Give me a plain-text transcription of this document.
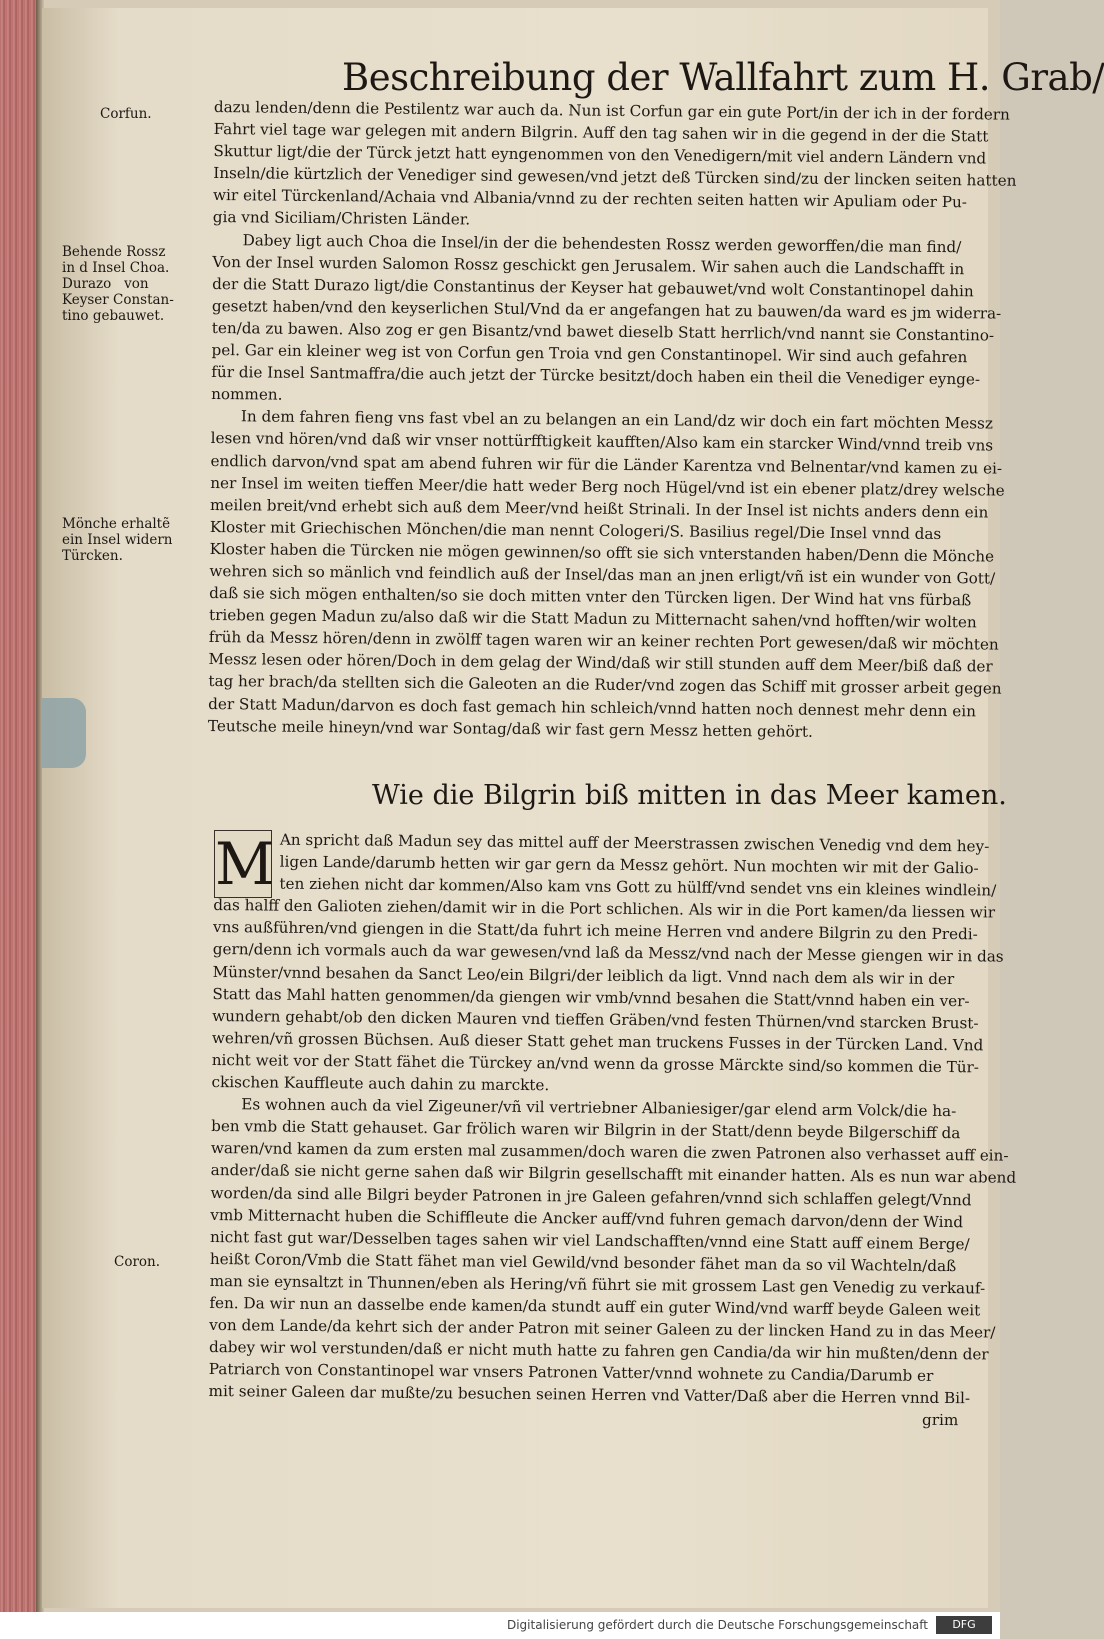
Beschreibung der Wallfahrt zum H. Grab/
Corfun.
Behende Rossz
in d Insel Choa.
Durazo   von
Keyser Constan-
tino gebauwet.
Mönche erhaltẽ
ein Insel widern
Türcken.
Coron.
dazu lenden/denn die Pestilentz war auch da. Nun ist Corfun gar ein gute Port/in der ich in der fordern
Fahrt viel tage war gelegen mit andern Bilgrin. Auff den tag sahen wir in die gegend in der die Statt
Skuttur ligt/die der Türck jetzt hatt eyngenommen von den Venedigern/mit viel andern Ländern vnd
Inseln/die kürtzlich der Venediger sind gewesen/vnd jetzt deß Türcken sind/zu der lincken seiten hatten
wir eitel Türckenland/Achaia vnd Albania/vnnd zu der rechten seiten hatten wir Apuliam oder Pu-
gia vnd Siciliam/Christen Länder.
Dabey ligt auch Choa die Insel/in der die behendesten Rossz werden geworffen/die man find/
Von der Insel wurden Salomon Rossz geschickt gen Jerusalem. Wir sahen auch die Landschafft in
der die Statt Durazo ligt/die Constantinus der Keyser hat gebauwet/vnd wolt Constantinopel dahin
gesetzt haben/vnd den keyserlichen Stul/Vnd da er angefangen hat zu bauwen/da ward es jm widerra-
ten/da zu bawen. Also zog er gen Bisantz/vnd bawet dieselb Statt herrlich/vnd nannt sie Constantino-
pel. Gar ein kleiner weg ist von Corfun gen Troia vnd gen Constantinopel. Wir sind auch gefahren
für die Insel Santmaffra/die auch jetzt der Türcke besitzt/doch haben ein theil die Venediger eynge-
nommen.
In dem fahren fieng vns fast vbel an zu belangen an ein Land/dz wir doch ein fart möchten Messz
lesen vnd hören/vnd daß wir vnser nottürfftigkeit kaufften/Also kam ein starcker Wind/vnnd treib vns
endlich darvon/vnd spat am abend fuhren wir für die Länder Karentza vnd Belnentar/vnd kamen zu ei-
ner Insel im weiten tieffen Meer/die hatt weder Berg noch Hügel/vnd ist ein ebener platz/drey welsche
meilen breit/vnd erhebt sich auß dem Meer/vnd heißt Strinali. In der Insel ist nichts anders denn ein
Kloster mit Griechischen Mönchen/die man nennt Cologeri/S. Basilius regel/Die Insel vnnd das
Kloster haben die Türcken nie mögen gewinnen/so offt sie sich vnterstanden haben/Denn die Mönche
wehren sich so mänlich vnd feindlich auß der Insel/das man an jnen erligt/vñ ist ein wunder von Gott/
daß sie sich mögen enthalten/so sie doch mitten vnter den Türcken ligen. Der Wind hat vns fürbaß
trieben gegen Madun zu/also daß wir die Statt Madun zu Mitternacht sahen/vnd hofften/wir wolten
früh da Messz hören/denn in zwölff tagen waren wir an keiner rechten Port gewesen/daß wir möchten
Messz lesen oder hören/Doch in dem gelag der Wind/daß wir still stunden auff dem Meer/biß daß der
tag her brach/da stellten sich die Galeoten an die Ruder/vnd zogen das Schiff mit grosser arbeit gegen
der Statt Madun/darvon es doch fast gemach hin schleich/vnnd hatten noch dennest mehr denn ein
Teutsche meile hineyn/vnd war Sontag/daß wir fast gern Messz hetten gehört.
Wie die Bilgrin biß mitten in das Meer kamen.
M An spricht daß Madun sey das mittel auff der Meerstrassen zwischen Venedig vnd dem hey-
ligen Lande/darumb hetten wir gar gern da Messz gehört. Nun mochten wir mit der Galio-
ten ziehen nicht dar kommen/Also kam vns Gott zu hülff/vnd sendet vns ein kleines windlein/
das halff den Galioten ziehen/damit wir in die Port schlichen. Als wir in die Port kamen/da liessen wir
vns außführen/vnd giengen in die Statt/da fuhrt ich meine Herren vnd andere Bilgrin zu den Predi-
gern/denn ich vormals auch da war gewesen/vnd laß da Messz/vnd nach der Messe giengen wir in das
Münster/vnnd besahen da Sanct Leo/ein Bilgri/der leiblich da ligt. Vnnd nach dem als wir in der
Statt das Mahl hatten genommen/da giengen wir vmb/vnnd besahen die Statt/vnnd haben ein ver-
wundern gehabt/ob den dicken Mauren vnd tieffen Gräben/vnd festen Thürnen/vnd starcken Brust-
wehren/vñ grossen Büchsen. Auß dieser Statt gehet man truckens Fusses in der Türcken Land. Vnd
nicht weit vor der Statt fähet die Türckey an/vnd wenn da grosse Märckte sind/so kommen die Tür-
ckischen Kauffleute auch dahin zu marckte.
Es wohnen auch da viel Zigeuner/vñ vil vertriebner Albaniesiger/gar elend arm Volck/die ha-
ben vmb die Statt gehauset. Gar frölich waren wir Bilgrin in der Statt/denn beyde Bilgerschiff da
waren/vnd kamen da zum ersten mal zusammen/doch waren die zwen Patronen also verhasset auff ein-
ander/daß sie nicht gerne sahen daß wir Bilgrin gesellschafft mit einander hatten. Als es nun war abend
worden/da sind alle Bilgri beyder Patronen in jre Galeen gefahren/vnnd sich schlaffen gelegt/Vnnd
vmb Mitternacht huben die Schiffleute die Ancker auff/vnd fuhren gemach darvon/denn der Wind
nicht fast gut war/Desselben tages sahen wir viel Landschafften/vnnd eine Statt auff einem Berge/
heißt Coron/Vmb die Statt fähet man viel Gewild/vnd besonder fähet man da so vil Wachteln/daß
man sie eynsaltzt in Thunnen/eben als Hering/vñ führt sie mit grossem Last gen Venedig zu verkauf-
fen. Da wir nun an dasselbe ende kamen/da stundt auff ein guter Wind/vnd warff beyde Galeen weit
von dem Lande/da kehrt sich der ander Patron mit seiner Galeen zu der lincken Hand zu in das Meer/
dabey wir wol verstunden/daß er nicht muth hatte zu fahren gen Candia/da wir hin mußten/denn der
Patriarch von Constantinopel war vnsers Patronen Vatter/vnnd wohnete zu Candia/Darumb er
mit seiner Galeen dar mußte/zu besuchen seinen Herren vnd Vatter/Daß aber die Herren vnnd Bil-
grim
Digitalisierung gefördert durch die Deutsche Forschungsgemeinschaft	DFG
